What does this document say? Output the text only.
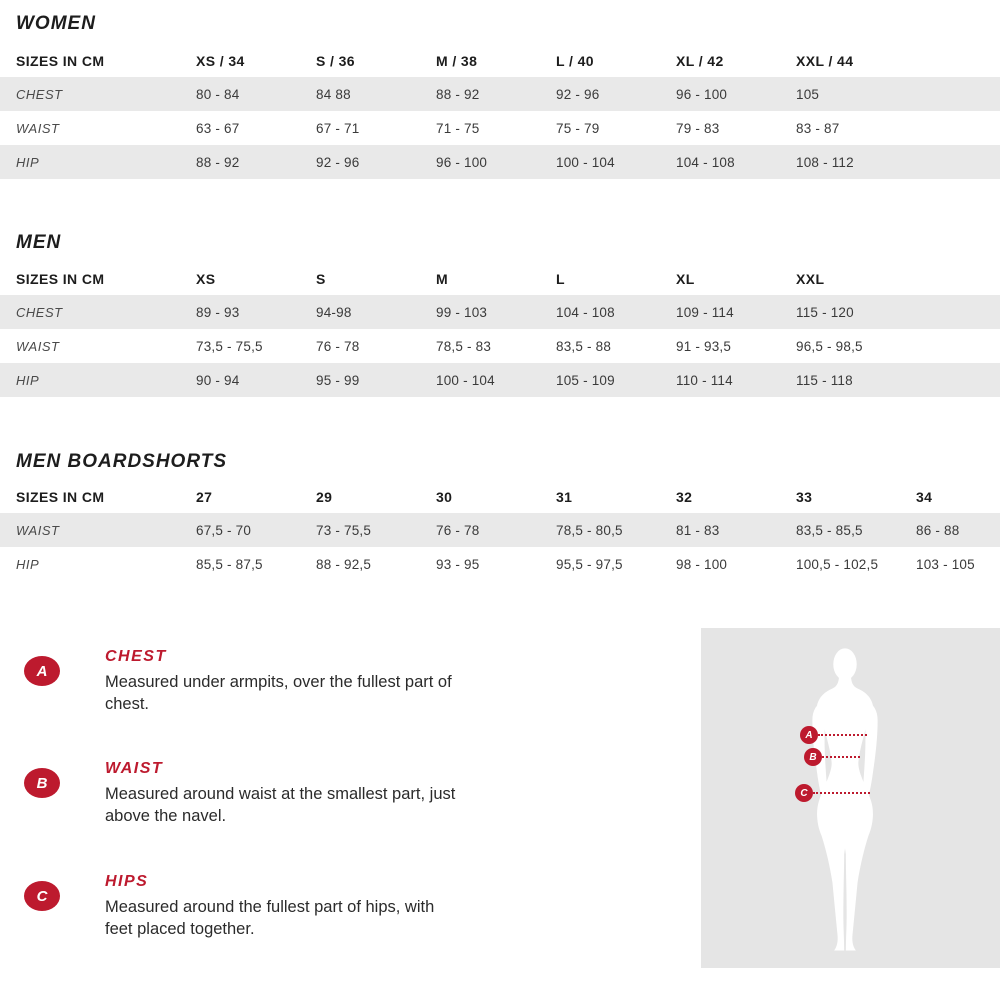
WOMEN
SIZES IN CM	XS / 34	S / 36	M / 38	L / 40	XL / 42	XXL / 44
CHEST	80 - 84	84 88	88 - 92	92 - 96	96 - 100	105
WAIST	63 - 67	67 - 71	71 - 75	75 - 79	79 - 83	83 - 87
HIP	88 - 92	92 - 96	96 - 100	100 - 104	104 - 108	108 - 112
MEN
SIZES IN CM	XS	S	M	L	XL	XXL
CHEST	89 - 93	94-98	99 - 103	104 - 108	109 - 114	115 - 120
WAIST	73,5 - 75,5	76 - 78	78,5 - 83	83,5 - 88	91 - 93,5	96,5 - 98,5
HIP	90 - 94	95 - 99	100 - 104	105 - 109	110 - 114	115 - 118
MEN BOARDSHORTS
SIZES IN CM	27	29	30	31	32	33	34
WAIST	67,5 - 70	73 - 75,5	76 - 78	78,5 - 80,5	81 - 83	83,5 - 85,5	86 - 88
HIP	85,5 - 87,5	88 - 92,5	93 - 95	95,5 - 97,5	98 - 100	100,5 - 102,5	103 - 105
A
CHEST
Measured under armpits, over the fullest part of chest.
B
WAIST
Measured around waist at the smallest part, just above the navel.
C
HIPS
Measured around the fullest part of hips, with feet placed together.
A
B
C
